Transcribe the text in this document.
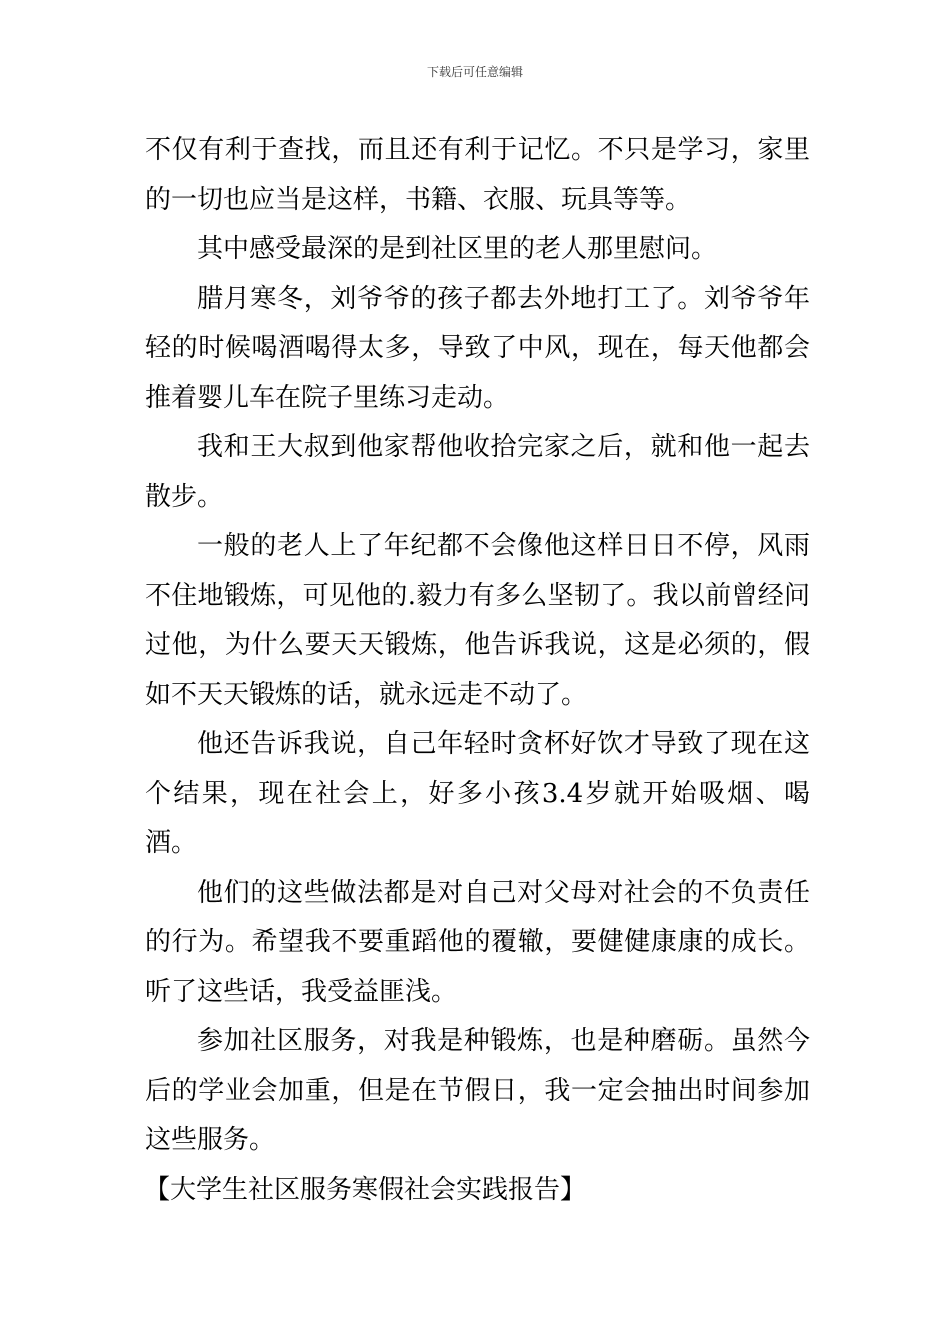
下载后可任意编辑

不仅有利于查找，而且还有利于记忆。不只是学习，家里的一切也应当是这样，书籍、衣服、玩具等等。

其中感受最深的是到社区里的老人那里慰问。

腊月寒冬，刘爷爷的孩子都去外地打工了。刘爷爷年轻的时候喝酒喝得太多，导致了中风，现在，每天他都会推着婴儿车在院子里练习走动。

我和王大叔到他家帮他收拾完家之后，就和他一起去散步。

一般的老人上了年纪都不会像他这样日日不停，风雨不住地锻炼，可见他的.毅力有多么坚韧了。我以前曾经问过他，为什么要天天锻炼，他告诉我说，这是必须的，假如不天天锻炼的话，就永远走不动了。

他还告诉我说，自己年轻时贪杯好饮才导致了现在这个结果，现在社会上，好多小孩3.4岁就开始吸烟、喝酒。

他们的这些做法都是对自己对父母对社会的不负责任的行为。希望我不要重蹈他的覆辙，要健健康康的成长。听了这些话，我受益匪浅。

参加社区服务，对我是种锻炼，也是种磨砺。虽然今后的学业会加重，但是在节假日，我一定会抽出时间参加这些服务。

【大学生社区服务寒假社会实践报告】
